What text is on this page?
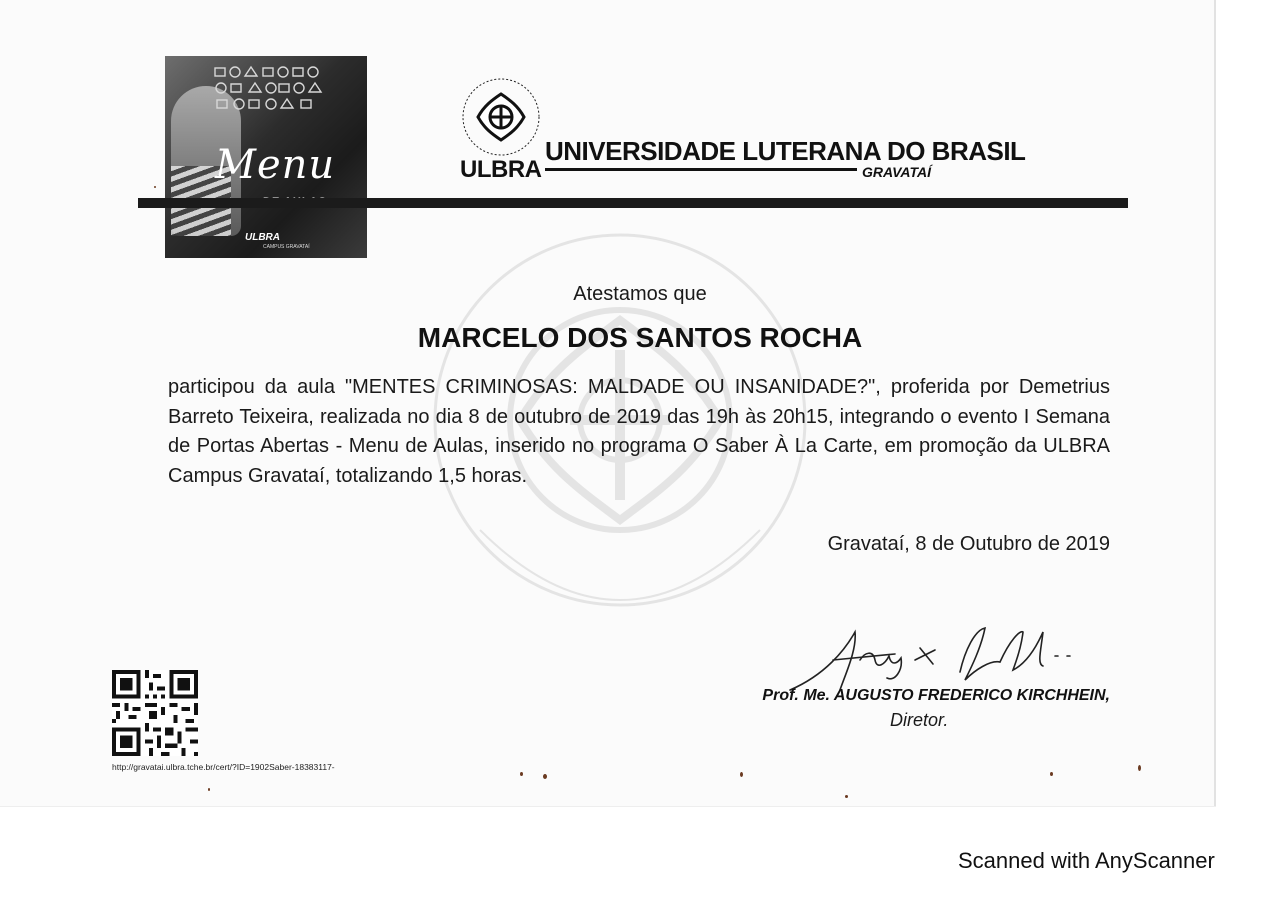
Menu
ULBRA
CAMPUS GRAVATAÍ
ULBRA
UNIVERSIDADE LUTERANA DO BRASIL
GRAVATAÍ
Atestamos que
MARCELO DOS SANTOS ROCHA
participou da aula "MENTES CRIMINOSAS: MALDADE OU INSANIDADE?", proferida por Demetrius Barreto Teixeira, realizada no dia 8 de outubro de 2019 das 19h às 20h15, integrando o evento I Semana de Portas Abertas - Menu de Aulas, inserido no programa O Saber À La Carte, em promoção da ULBRA Campus Gravataí, totalizando 1,5 horas.
Gravataí, 8 de Outubro de 2019
Prof. Me. AUGUSTO FREDERICO KIRCHHEIN,
Diretor.
http://gravatai.ulbra.tche.br/cert/?ID=1902Saber-18383117-
Scanned with AnyScanner
